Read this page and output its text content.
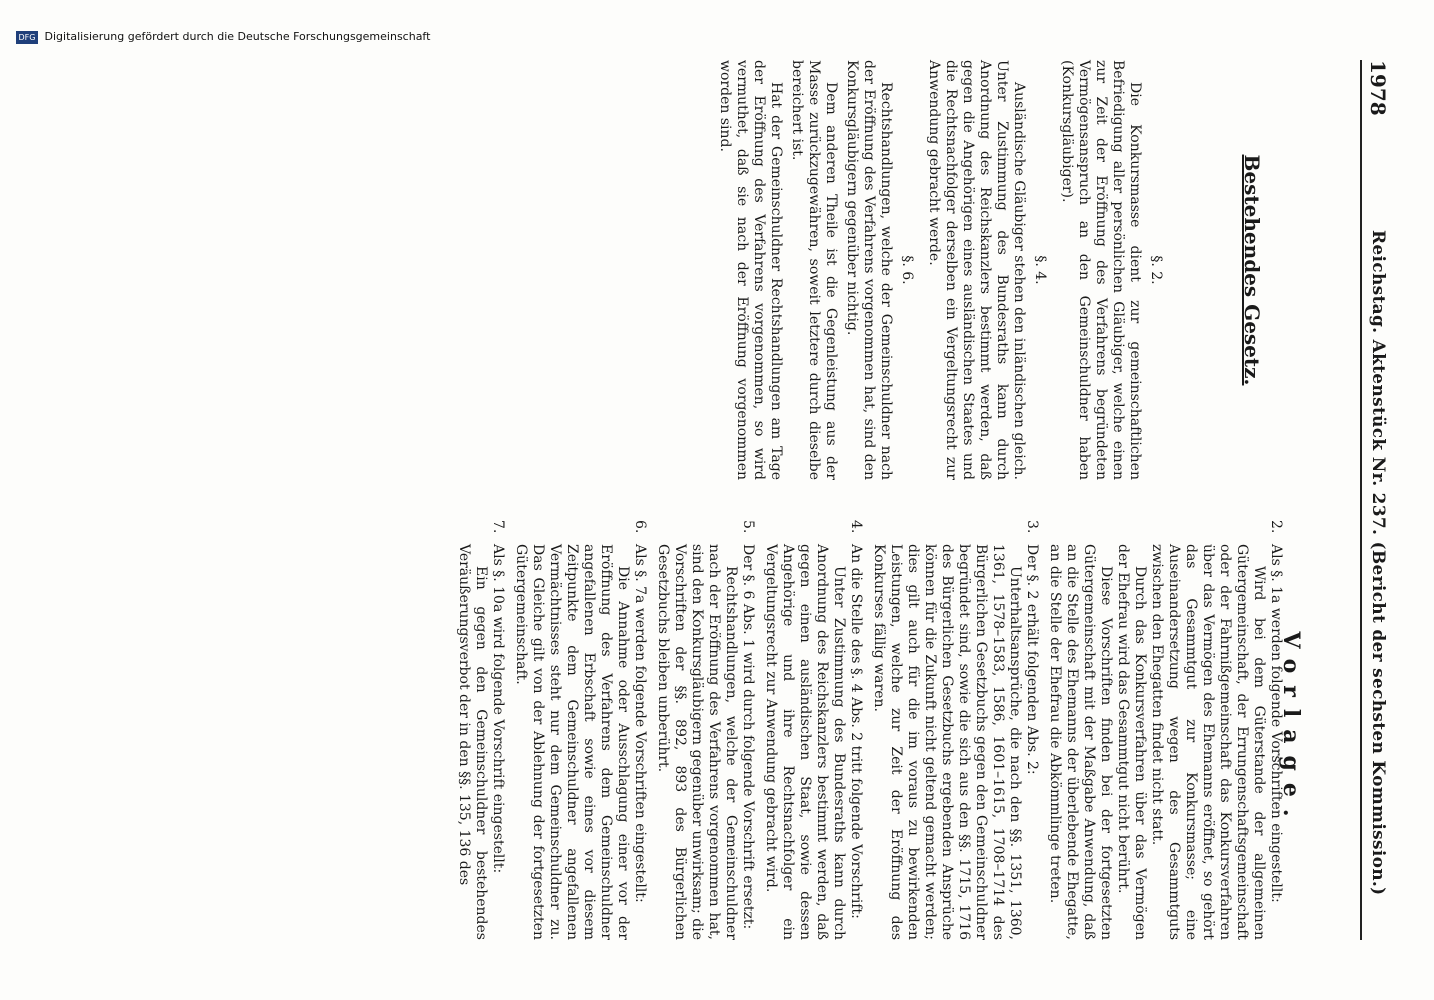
1978
Reichstag. Aktenstück Nr. 237. (Bericht der sechsten Kommission.)
Bestehendes Gesetz.
Vorlage.
§. 2.
Die Konkursmasse dient zur gemeinschaftlichen Befriedigung aller persönlichen Gläubiger, welche einen zur Zeit der Eröffnung des Verfahrens begründeten Vermögensanspruch an den Gemeinschuldner haben (Konkursgläubiger).
§. 4.
Ausländische Gläubiger stehen den inländischen gleich. Unter Zustimmung des Bundesraths kann durch Anordnung des Reichskanzlers bestimmt werden, daß gegen die Angehörigen eines ausländischen Staates und die Rechtsnachfolger derselben ein Vergeltungsrecht zur Anwendung gebracht werde.
§. 6.
Rechtshandlungen, welche der Gemeinschuldner nach der Eröffnung des Verfahrens vorgenommen hat, sind den Konkursgläubigern gegenüber nichtig.
Dem anderen Theile ist die Gegenleistung aus der Masse zurückzugewähren, soweit letztere durch dieselbe bereichert ist.
Hat der Gemeinschuldner Rechtshandlungen am Tage der Eröffnung des Verfahrens vorgenommen, so wird vermuthet, daß sie nach der Eröffnung vorgenommen worden sind.
2.
Als §. 1a werden folgende Vorschriften eingestellt:
Wird bei dem Güterstande der allgemeinen Gütergemeinschaft, der Errungenschaftsgemeinschaft oder der Fahrnißgemeinschaft das Konkursverfahren über das Vermögen des Ehemanns eröffnet, so gehört das Gesammtgut zur Konkursmasse; eine Auseinandersetzung wegen des Gesammtguts zwischen den Ehegatten findet nicht statt.
Durch das Konkursverfahren über das Vermögen der Ehefrau wird das Gesammtgut nicht berührt.
Diese Vorschriften finden bei der fortgesetzten Gütergemeinschaft mit der Maßgabe Anwendung, daß an die Stelle des Ehemanns der überlebende Ehegatte, an die Stelle der Ehefrau die Abkömmlinge treten.
3.
Der §. 2 erhält folgenden Abs. 2:
Unterhaltsansprüche, die nach den §§. 1351, 1360, 1361, 1578–1583, 1586, 1601–1615, 1708–1714 des Bürgerlichen Gesetzbuchs gegen den Gemeinschuldner begründet sind, sowie die sich aus den §§. 1715, 1716 des Bürgerlichen Gesetzbuchs ergebenden Ansprüche können für die Zukunft nicht geltend gemacht werden; dies gilt auch für die im voraus zu bewirkenden Leistungen, welche zur Zeit der Eröffnung des Konkurses fällig waren.
4.
An die Stelle des §. 4 Abs. 2 tritt folgende Vorschrift:
Unter Zustimmung des Bundesraths kann durch Anordnung des Reichskanzlers bestimmt werden, daß gegen einen ausländischen Staat, sowie dessen Angehörige und ihre Rechtsnachfolger ein Vergeltungsrecht zur Anwendung gebracht wird.
5.
Der §. 6 Abs. 1 wird durch folgende Vorschrift ersetzt:
Rechtshandlungen, welche der Gemeinschuldner nach der Eröffnung des Verfahrens vorgenommen hat, sind den Konkursgläubigern gegenüber unwirksam; die Vorschriften der §§. 892, 893 des Bürgerlichen Gesetzbuchs bleiben unberührt.
6.
Als §. 7a werden folgende Vorschriften eingestellt:
Die Annahme oder Ausschlagung einer vor der Eröffnung des Verfahrens dem Gemeinschuldner angefallenen Erbschaft sowie eines vor diesem Zeitpunkte dem Gemeinschuldner angefallenen Vermächtnisses steht nur dem Gemeinschuldner zu. Das Gleiche gilt von der Ablehnung der fortgesetzten Gütergemeinschaft.
7.
Als §. 10a wird folgende Vorschrift eingestellt:
Ein gegen den Gemeinschuldner bestehendes Veräußerungsverbot der in den §§. 135, 136 des
DFG Digitalisierung gefördert durch die Deutsche Forschungsgemeinschaft
